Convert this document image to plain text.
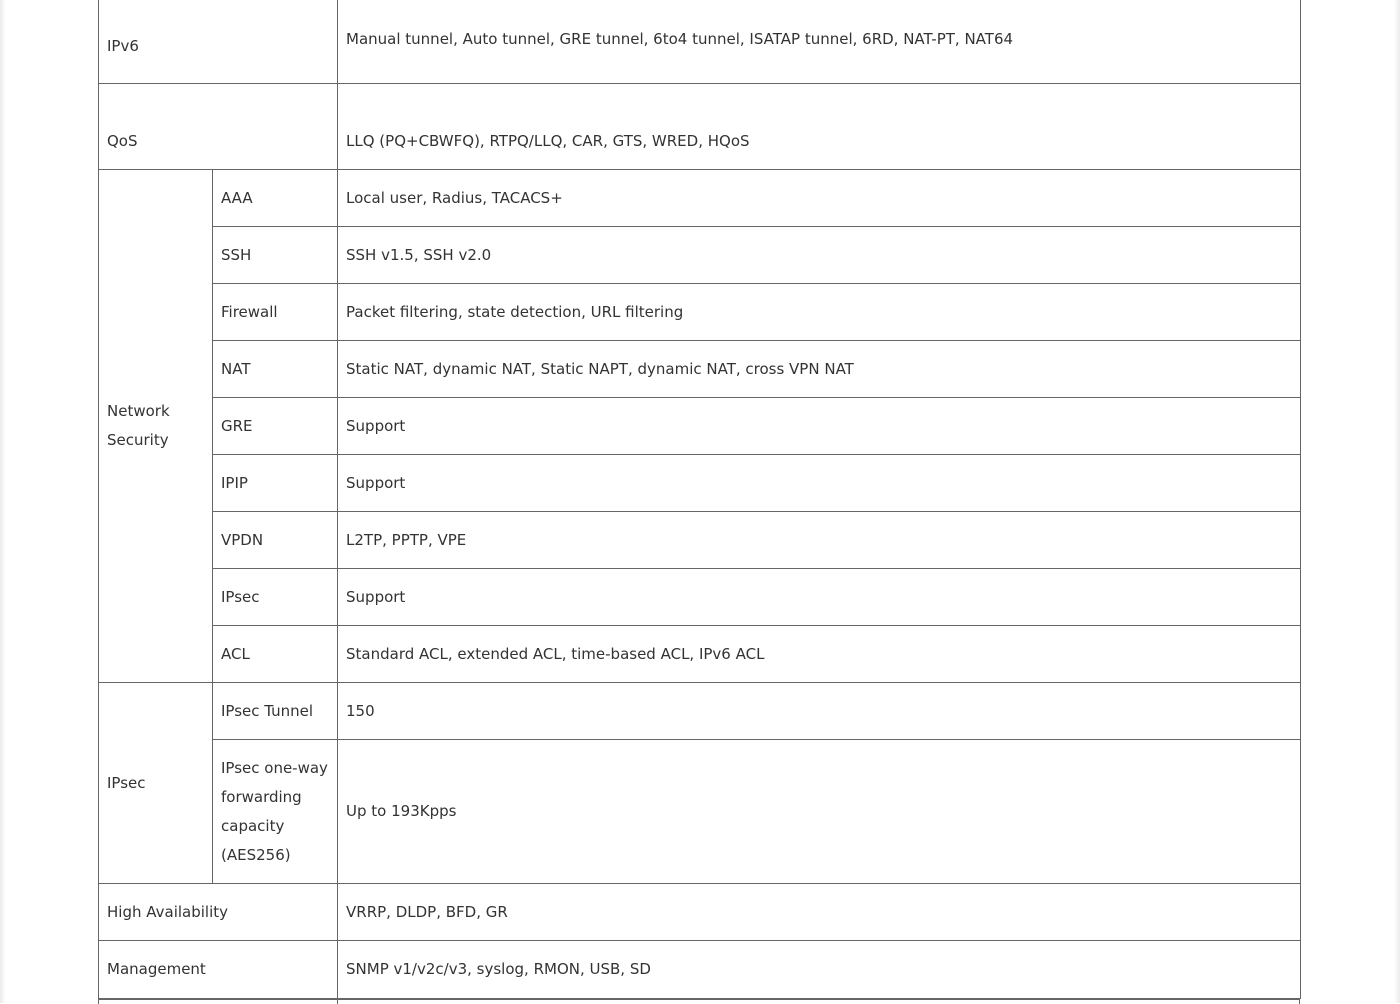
IPv6		Manual tunnel, Auto tunnel, GRE tunnel, 6to4 tunnel, ISATAP tunnel, 6RD, NAT-PT, NAT64
QoS		LLQ (PQ+CBWFQ), RTPQ/LLQ, CAR, GTS, WRED, HQoS
Network Security	AAA	Local user, Radius, TACACS+
	SSH	SSH v1.5, SSH v2.0
	Firewall	Packet filtering, state detection, URL filtering
	NAT	Static NAT, dynamic NAT, Static NAPT, dynamic NAT, cross VPN NAT
	GRE	Support
	IPIP	Support
	VPDN	L2TP, PPTP, VPE
	IPsec	Support
	ACL	Standard ACL, extended ACL, time-based ACL, IPv6 ACL
IPsec	IPsec Tunnel	150
	IPsec one-way forwarding capacity (AES256)	Up to 193Kpps
High Availability		VRRP, DLDP, BFD, GR
Management		SNMP v1/v2c/v3, syslog, RMON, USB, SD
